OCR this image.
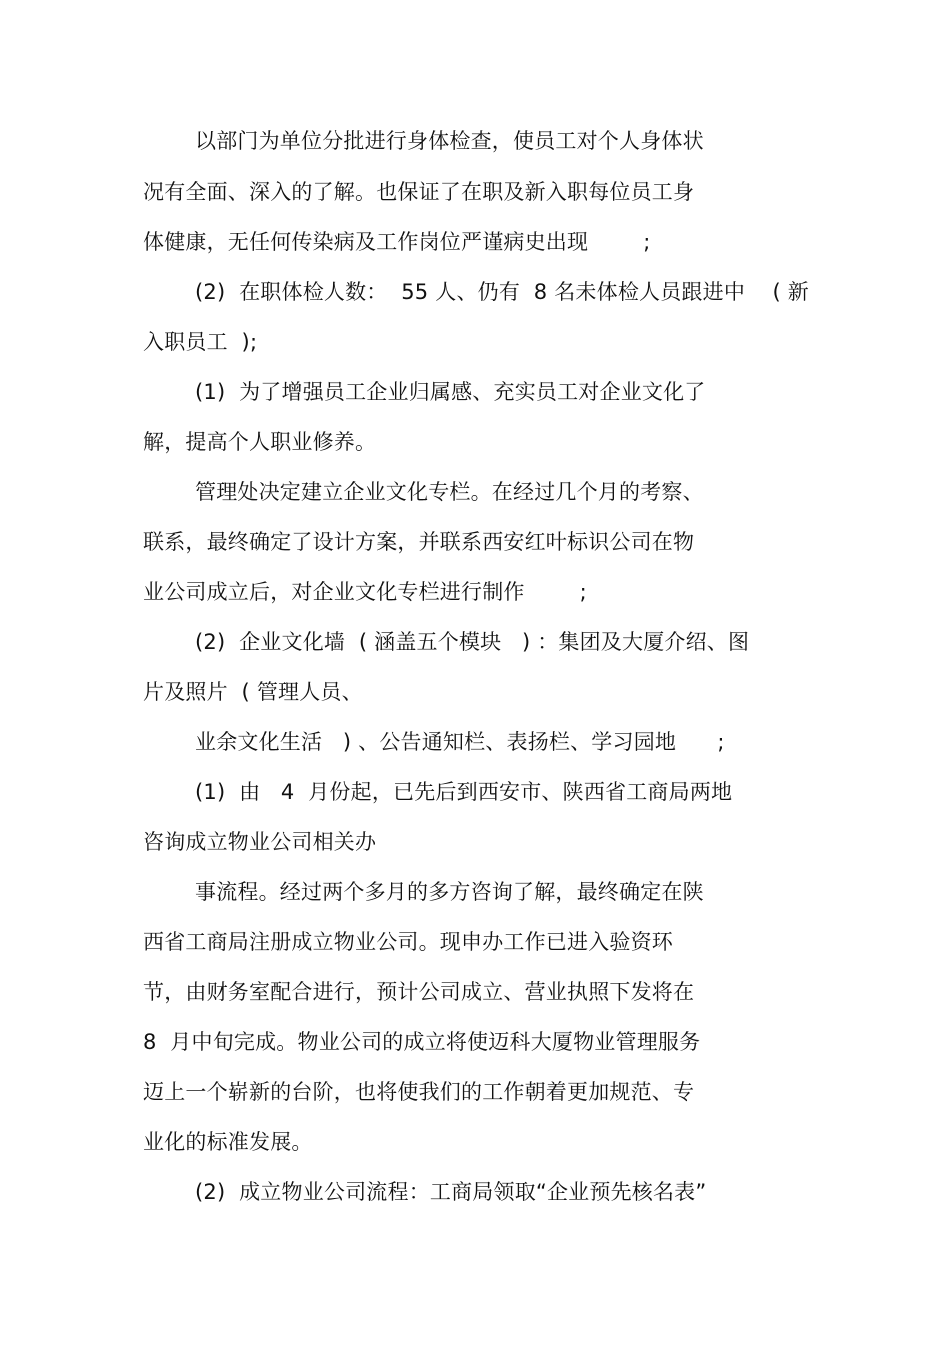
以部门为单位分批进行身体检查，使员工对个人身体状
况有全面、深入的了解。也保证了在职及新入职每位员工身
体健康，无任何传染病及工作岗位严谨病史出现        ;
(2)  在职体检人数：  55 人、仍有  8 名未体检人员跟进中    ( 新
入职员工  );
(1)  为了增强员工企业归属感、充实员工对企业文化了
解，提高个人职业修养。
管理处决定建立企业文化专栏。在经过几个月的考察、
联系，最终确定了设计方案，并联系西安红叶标识公司在物
业公司成立后，对企业文化专栏进行制作        ;
(2)  企业文化墙  ( 涵盖五个模块   ) ：集团及大厦介绍、图
片及照片  ( 管理人员、
业余文化生活   ) 、公告通知栏、表扬栏、学习园地      ;
(1)  由   4  月份起，已先后到西安市、陕西省工商局两地
咨询成立物业公司相关办
事流程。经过两个多月的多方咨询了解，最终确定在陕
西省工商局注册成立物业公司。现申办工作已进入验资环
节，由财务室配合进行，预计公司成立、营业执照下发将在
8  月中旬完成。物业公司的成立将使迈科大厦物业管理服务
迈上一个崭新的台阶，也将使我们的工作朝着更加规范、专
业化的标准发展。
(2)  成立物业公司流程：工商局领取“企业预先核名表”
